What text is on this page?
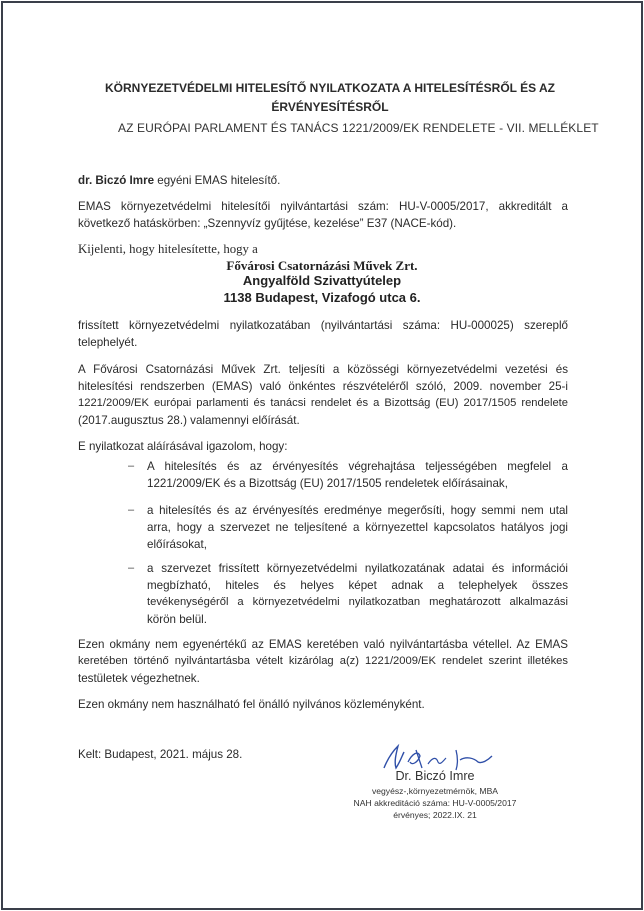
KÖRNYEZETVÉDELMI HITELESÍTŐ NYILATKOZATA A HITELESÍTÉSRŐL ÉS AZ
ÉRVÉNYESÍTÉSRŐL
AZ EURÓPAI PARLAMENT ÉS TANÁCS 1221/2009/EK RENDELETE - VII. MELLÉKLET
dr. Biczó Imre egyéni EMAS hitelesítő.
EMAS környezetvédelmi hitelesítői nyilvántartási szám: HU-V-0005/2017, akkreditált a
következő hatáskörben: „Szennyvíz gyűjtése, kezelése” E37 (NACE-kód).
Kijelenti, hogy hitelesítette, hogy a
Fővárosi Csatornázási Művek Zrt.
Angyalföld Szivattyútelep
1138 Budapest, Vizafogó utca 6.
frissített környezetvédelmi nyilatkozatában (nyilvántartási száma: HU-000025) szereplő
telephelyét.
A Fővárosi Csatornázási Művek Zrt. teljesíti a közösségi környezetvédelmi vezetési és
hitelesítési rendszerben (EMAS) való önkéntes részvételéről szóló, 2009. november 25-i
1221/2009/EK európai parlamenti és tanácsi rendelet és a Bizottság (EU) 2017/1505 rendelete
(2017.augusztus 28.) valamennyi előírását.
E nyilatkozat aláírásával igazolom, hogy:
– A hitelesítés és az érvényesítés végrehajtása teljességében megfelel a
1221/2009/EK és a Bizottság (EU) 2017/1505 rendeletek előírásainak,
– a hitelesítés és az érvényesítés eredménye megerősíti, hogy semmi nem utal
arra, hogy a szervezet ne teljesítené a környezettel kapcsolatos hatályos jogi
előírásokat,
– a szervezet frissített környezetvédelmi nyilatkozatának adatai és információi
megbízható, hiteles és helyes képet adnak a telephelyek összes
tevékenységéről a környezetvédelmi nyilatkozatban meghatározott alkalmazási
körön belül.
Ezen okmány nem egyenértékű az EMAS keretében való nyilvántartásba vétellel. Az EMAS
keretében történő nyilvántartásba vételt kizárólag a(z) 1221/2009/EK rendelet szerint illetékes
testületek végezhetnek.
Ezen okmány nem használható fel önálló nyilvános közleményként.
Kelt: Budapest, 2021. május 28.
Dr. Biczó Imre
vegyész-,környezetmérnök, MBA
NAH akkreditáció száma: HU-V-0005/2017
érvényes; 2022.IX. 21
